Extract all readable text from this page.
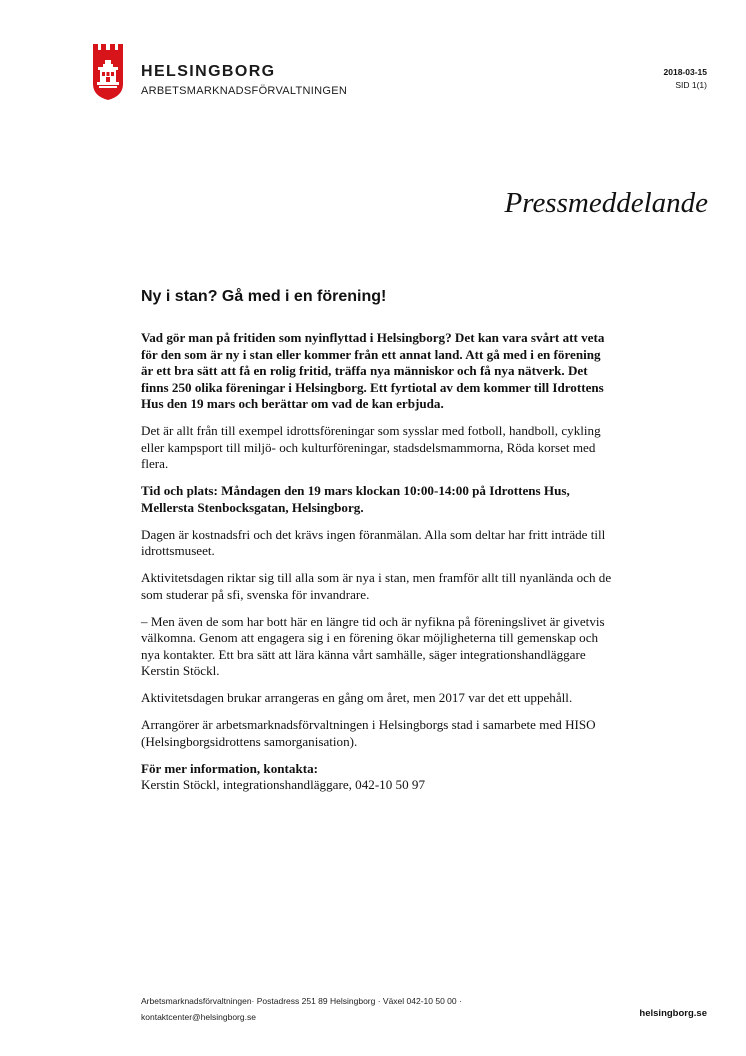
HELSINGBORG
ARBETSMARKNADSFÖRVALTNINGEN
2018-03-15
SID 1(1)
Pressmeddelande
Ny i stan? Gå med i en förening!

Vad gör man på fritiden som nyinflyttad i Helsingborg? Det kan vara svårt att veta för den som är ny i stan eller kommer från ett annat land. Att gå med i en förening är ett bra sätt att få en rolig fritid, träffa nya människor och få nya nätverk. Det finns 250 olika föreningar i Helsingborg. Ett fyrtiotal av dem kommer till Idrottens Hus den 19 mars och berättar om vad de kan erbjuda.

Det är allt från till exempel idrottsföreningar som sysslar med fotboll, handboll, cykling eller kampsport till miljö- och kulturföreningar, stadsdelsmammorna, Röda korset med flera.

Tid och plats: Måndagen den 19 mars klockan 10:00-14:00 på Idrottens Hus, Mellersta Stenbocksgatan, Helsingborg.

Dagen är kostnadsfri och det krävs ingen föranmälan. Alla som deltar har fritt inträde till idrottsmuseet.

Aktivitetsdagen riktar sig till alla som är nya i stan, men framför allt till nyanlända och de som studerar på sfi, svenska för invandrare.

– Men även de som har bott här en längre tid och är nyfikna på föreningslivet är givetvis välkomna. Genom att engagera sig i en förening ökar möjligheterna till gemenskap och nya kontakter. Ett bra sätt att lära känna vårt samhälle, säger integrationshandläggare Kerstin Stöckl.

Aktivitetsdagen brukar arrangeras en gång om året, men 2017 var det ett uppehåll.

Arrangörer är arbetsmarknadsförvaltningen i Helsingborgs stad i samarbete med HISO (Helsingborgsidrottens samorganisation).

För mer information, kontakta:
Kerstin Stöckl, integrationshandläggare, 042-10 50 97

Arbetsmarknadsförvaltningen· Postadress 251 89 Helsingborg · Växel 042-10 50 00 ·
kontaktcenter@helsingborg.se	helsingborg.se
